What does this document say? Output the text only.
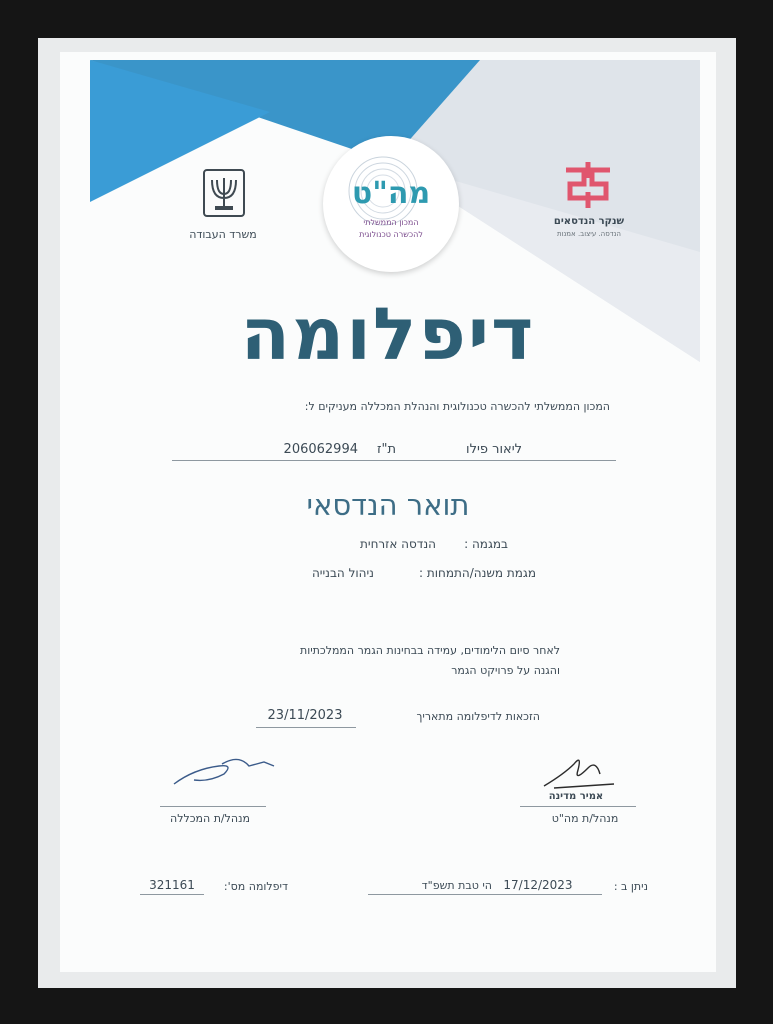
משרד העבודה
מה"ט
המכון הממשלתי
להכשרה טכנולוגית
שנקר הנדסאים
הנדסה. עיצוב. אמנות
דיפלומה
המכון הממשלתי להכשרה טכנולוגית והנהלת המכללה מעניקים ל:
ליאור פילו
ת"ז
206062994
תואר הנדסאי
במגמה :
הנדסה אזרחית
מגמת משנה/התמחות :
ניהול הבנייה
לאחר סיום הלימודים, עמידה בבחינות הגמר הממלכתיות
והגנה על פרויקט הגמר
הזכאות לדיפלומה מתאריך
23/11/2023
מנהל/ת המכללה
אמיר מדינה
מנהל/ת מה"ט
דיפלומה מס':
321161	ניתן ב :
17/12/2023
הי טבת תשפ"ד
